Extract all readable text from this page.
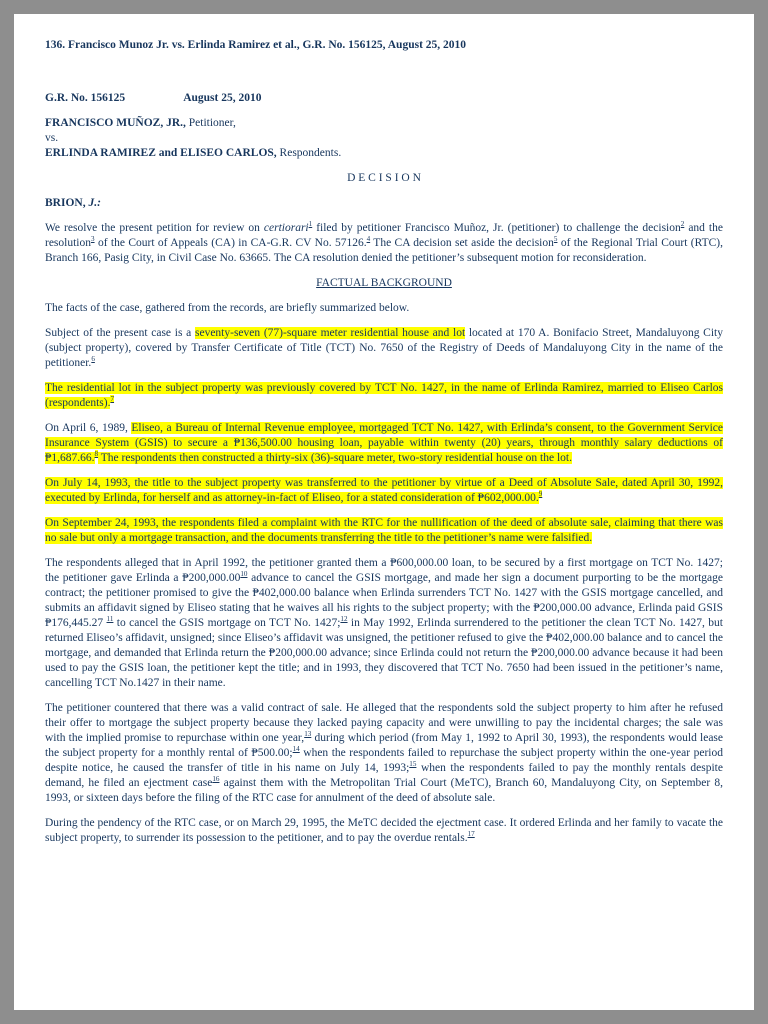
136. Francisco Munoz Jr. vs. Erlinda Ramirez et al., G.R. No. 156125, August 25, 2010

G.R. No. 156125	August 25, 2010

FRANCISCO MUÑOZ, JR., Petitioner,

vs.

ERLINDA RAMIREZ and ELISEO CARLOS, Respondents.

D E C I S I O N

BRION, J.:

We resolve the present petition for review on certiorari$^1$ filed by petitioner Francisco Muñoz, Jr. (petitioner) to challenge the decision$^2$ and the resolution$^3$ of the Court of Appeals (CA) in CA-G.R. CV No. 57126.$^4$ The CA decision set aside the decision$^5$ of the Regional Trial Court (RTC), Branch 166, Pasig City, in Civil Case No. 63665. The CA resolution denied the petitioner’s subsequent motion for reconsideration.

FACTUAL BACKGROUND

The facts of the case, gathered from the records, are briefly summarized below.

Subject of the present case is a seventy-seven (77)-square meter residential house and lot located at 170 A. Bonifacio Street, Mandaluyong City (subject property), covered by Transfer Certificate of Title (TCT) No. 7650 of the Registry of Deeds of Mandaluyong City in the name of the petitioner.$^6$

The residential lot in the subject property was previously covered by TCT No. 1427, in the name of Erlinda Ramirez, married to Eliseo Carlos (respondents).$^7$

On April 6, 1989, Eliseo, a Bureau of Internal Revenue employee, mortgaged TCT No. 1427, with Erlinda’s consent, to the Government Service Insurance System (GSIS) to secure a ₱136,500.00 housing loan, payable within twenty (20) years, through monthly salary deductions of ₱1,687.66.$^8$ The respondents then constructed a thirty-six (36)-square meter, two-story residential house on the lot.

On July 14, 1993, the title to the subject property was transferred to the petitioner by virtue of a Deed of Absolute Sale, dated April 30, 1992, executed by Erlinda, for herself and as attorney-in-fact of Eliseo, for a stated consideration of ₱602,000.00.$^9$

On September 24, 1993, the respondents filed a complaint with the RTC for the nullification of the deed of absolute sale, claiming that there was no sale but only a mortgage transaction, and the documents transferring the title to the petitioner’s name were falsified.

The respondents alleged that in April 1992, the petitioner granted them a ₱600,000.00 loan, to be secured by a first mortgage on TCT No. 1427; the petitioner gave Erlinda a ₱200,000.00$^{10}$ advance to cancel the GSIS mortgage, and made her sign a document purporting to be the mortgage contract; the petitioner promised to give the ₱402,000.00 balance when Erlinda surrenders TCT No. 1427 with the GSIS mortgage cancelled, and submits an affidavit signed by Eliseo stating that he waives all his rights to the subject property; with the ₱200,000.00 advance, Erlinda paid GSIS ₱176,445.27 $^{11}$ to cancel the GSIS mortgage on TCT No. 1427;$^{12}$ in May 1992, Erlinda surrendered to the petitioner the clean TCT No. 1427, but returned Eliseo’s affidavit, unsigned; since Eliseo’s affidavit was unsigned, the petitioner refused to give the ₱402,000.00 balance and to cancel the mortgage, and demanded that Erlinda return the ₱200,000.00 advance; since Erlinda could not return the ₱200,000.00 advance because it had been used to pay the GSIS loan, the petitioner kept the title; and in 1993, they discovered that TCT No. 7650 had been issued in the petitioner’s name, cancelling TCT No.1427 in their name.

The petitioner countered that there was a valid contract of sale. He alleged that the respondents sold the subject property to him after he refused their offer to mortgage the subject property because they lacked paying capacity and were unwilling to pay the incidental charges; the sale was with the implied promise to repurchase within one year,$^{13}$ during which period (from May 1, 1992 to April 30, 1993), the respondents would lease the subject property for a monthly rental of ₱500.00;$^{14}$ when the respondents failed to repurchase the subject property within the one-year period despite notice, he caused the transfer of title in his name on July 14, 1993;$^{15}$ when the respondents failed to pay the monthly rentals despite demand, he filed an ejectment case$^{16}$ against them with the Metropolitan Trial Court (MeTC), Branch 60, Mandaluyong City, on September 8, 1993, or sixteen days before the filing of the RTC case for annulment of the deed of absolute sale.

During the pendency of the RTC case, or on March 29, 1995, the MeTC decided the ejectment case. It ordered Erlinda and her family to vacate the subject property, to surrender its possession to the petitioner, and to pay the overdue rentals.$^{17}$
